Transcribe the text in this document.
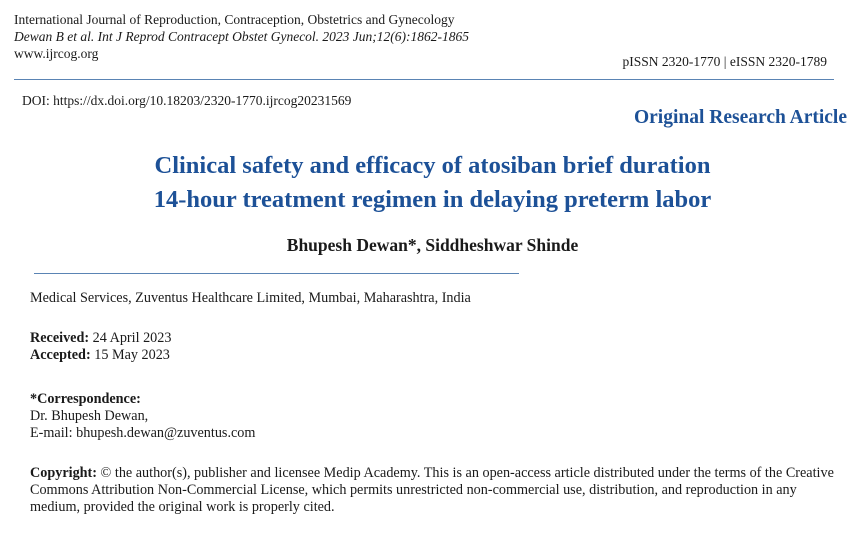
International Journal of Reproduction, Contraception, Obstetrics and Gynecology
Dewan B et al. Int J Reprod Contracept Obstet Gynecol. 2023 Jun;12(6):1862-1865
www.ijrcog.org
pISSN 2320-1770 | eISSN 2320-1789
DOI: https://dx.doi.org/10.18203/2320-1770.ijrcog20231569
Original Research Article
Clinical safety and efficacy of atosiban brief duration
14-hour treatment regimen in delaying preterm labor
Bhupesh Dewan*, Siddheshwar Shinde
Medical Services, Zuventus Healthcare Limited, Mumbai, Maharashtra, India
Received: 24 April 2023
Accepted: 15 May 2023
*Correspondence:
Dr. Bhupesh Dewan,
E-mail: bhupesh.dewan@zuventus.com
Copyright: © the author(s), publisher and licensee Medip Academy. This is an open-access article distributed under the terms of the Creative Commons Attribution Non-Commercial License, which permits unrestricted non-commercial use, distribution, and reproduction in any medium, provided the original work is properly cited.
